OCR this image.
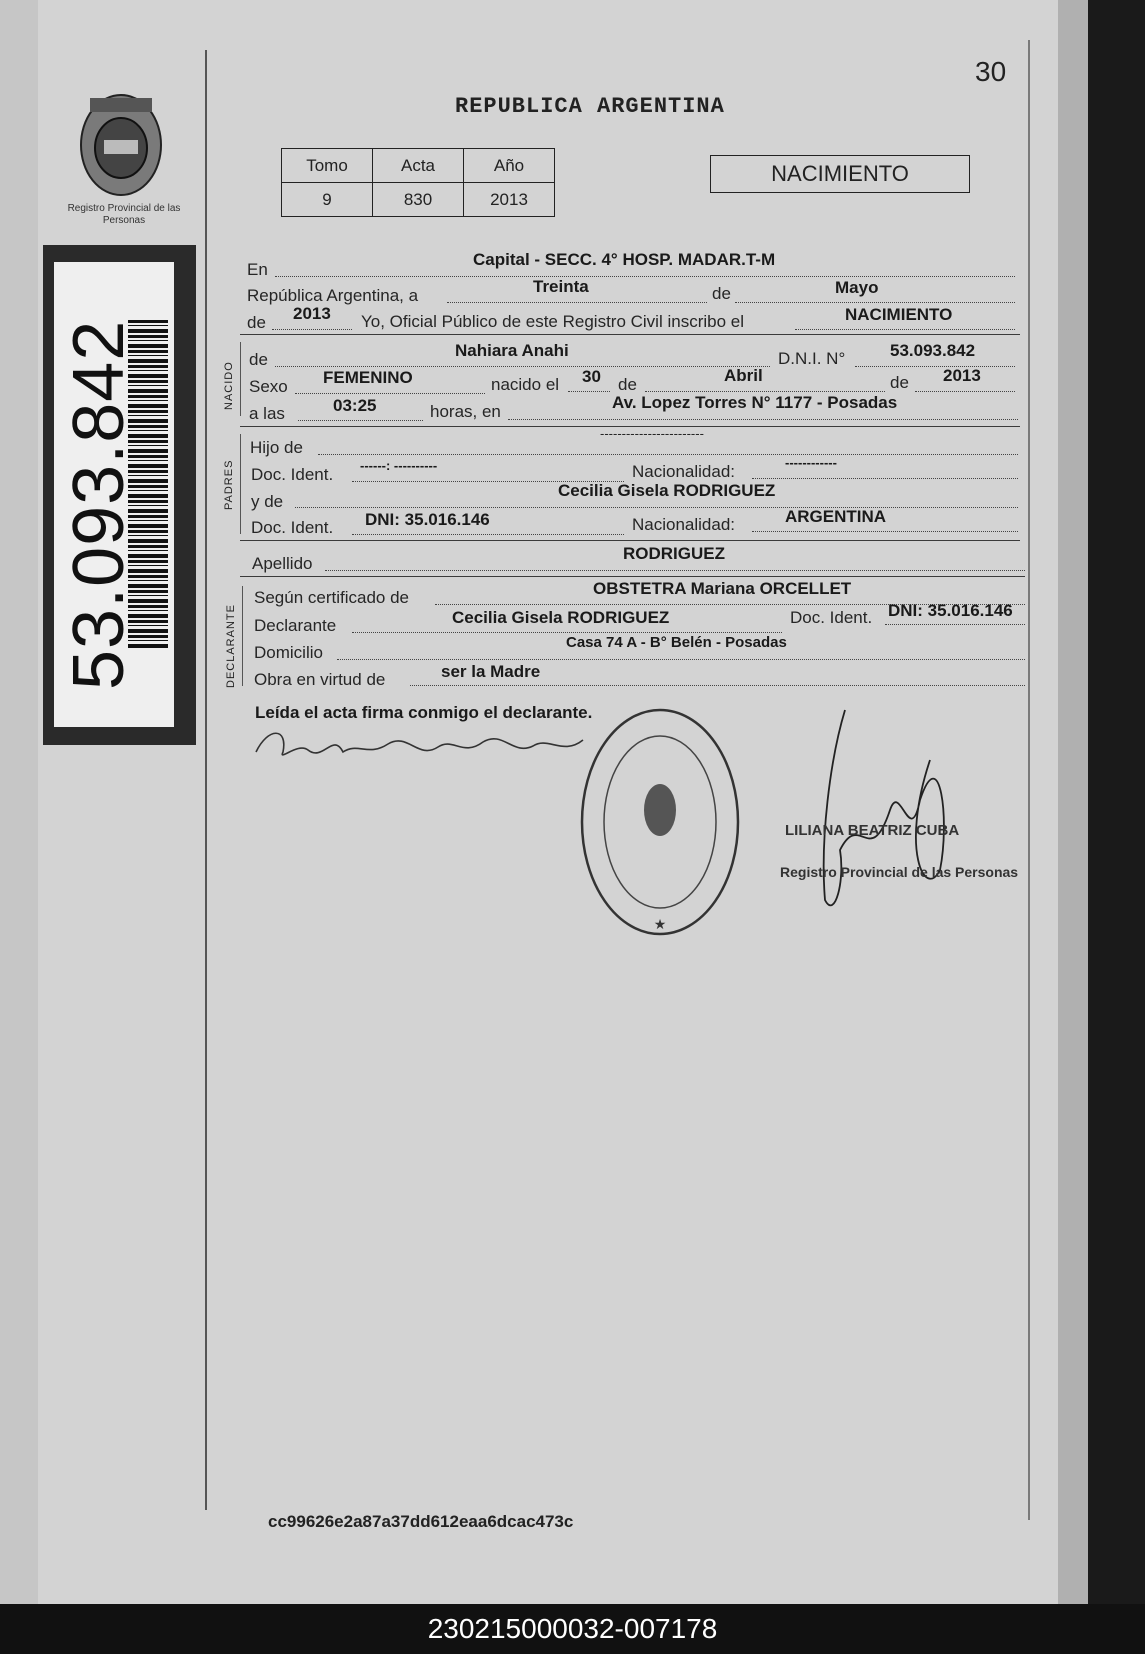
Registro Provincial de las Personas
53.093.842
30
REPUBLICA ARGENTINA
Tomo	Acta	Año
9	830	2013
NACIMIENTO
En
Capital - SECC. 4° HOSP. MADAR.T-M
República Argentina, a	Treinta	de	Mayo
de 2013 Yo, Oficial Público de este Registro Civil inscribo el	NACIMIENTO
NACIDO
de	Nahiara Anahi	D.N.I. N°	53.093.842
Sexo FEMENINO	nacido el 30 de	Abril	de 2013
a las	03:25	horas, en	Av. Lopez Torres N° 1177 - Posadas
PADRES
Hijo de
------------------------
Doc. Ident. ------: ----------	Nacionalidad:	------------
y de
Cecilia Gisela RODRIGUEZ
Doc. Ident. DNI: 35.016.146	Nacionalidad:	ARGENTINA
Apellido
RODRIGUEZ
DECLARANTE
Según certificado de	OBSTETRA Mariana ORCELLET
Declarante	Cecilia Gisela RODRIGUEZ	Doc. Ident. DNI: 35.016.146
Domicilio
Casa 74 A - B° Belén - Posadas
Obra en virtud de	ser la Madre
Leída el acta firma conmigo el declarante.
★
LILIANA BEATRIZ CUBA
Registro Provincial de las Personas
cc99626e2a87a37dd612eaa6dcac473c
230215000032-007178
